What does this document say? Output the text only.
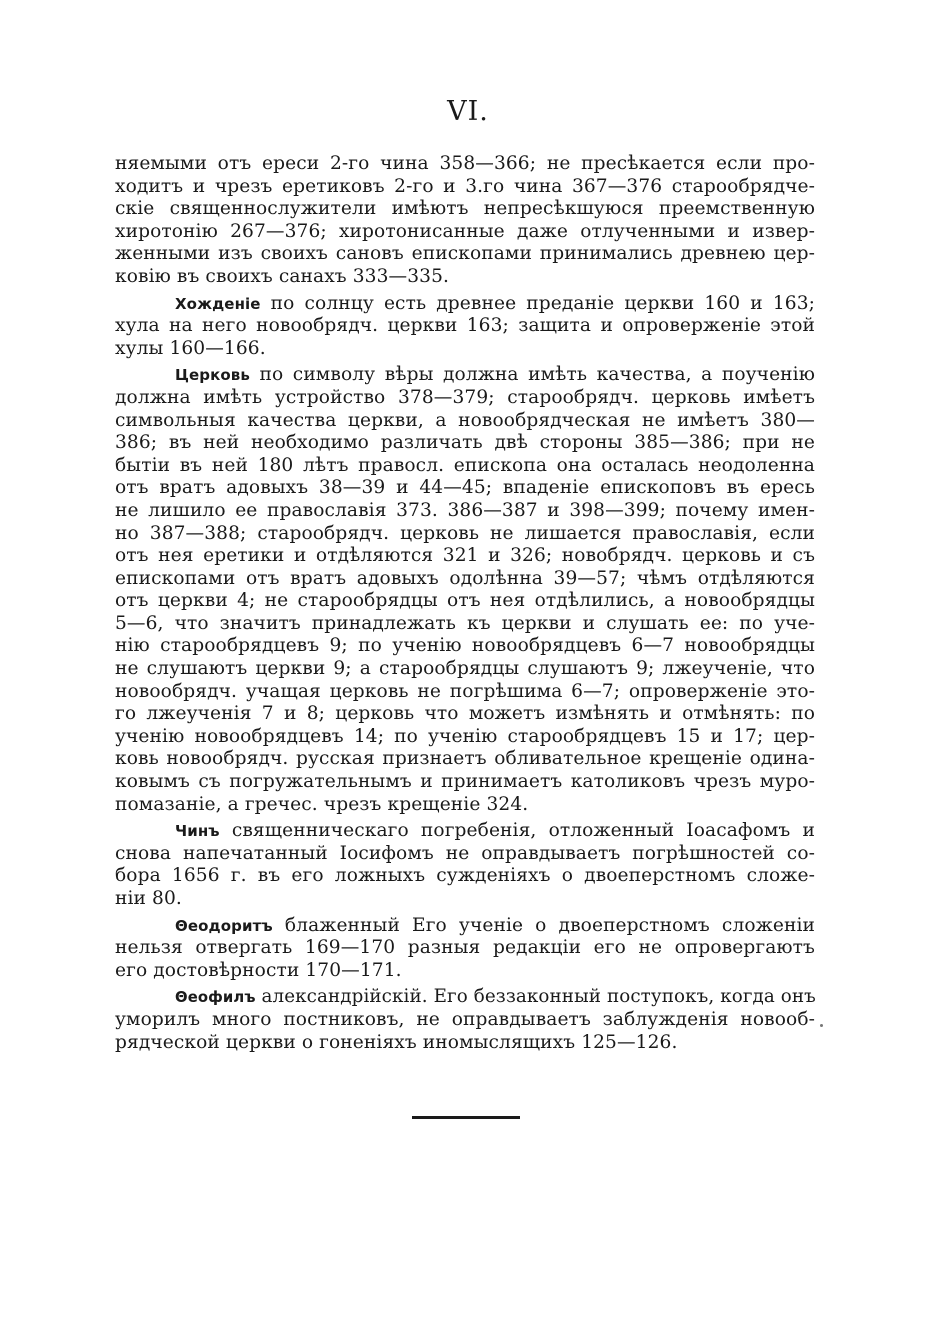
VI.
няемыми отъ ереси 2-го чина 358—366; не пресѣкается если про-
ходитъ и чрезъ еретиковъ 2-го и 3.го чина 367—376 старообрядче-
скіе священнослужители имѣютъ непресѣкшуюся преемственную
хиротонію 267—376; хиротонисанные даже отлученными и извер-
женными изъ своихъ сановъ епископами принимались древнею цер-
ковію въ своихъ санахъ 333—335.
Хожденіе по солнцу есть древнее преданіе церкви 160 и 163;
хула на него новообрядч. церкви 163; защита и опроверженіе этой
хулы 160—166.
Церковь по символу вѣры должна имѣть качества, а поученію
должна имѣть устройство 378—379; старообрядч. церковь имѣетъ
символьныя качества церкви, а новообрядческая не имѣетъ 380—
386; въ ней необходимо различать двѣ стороны 385—386; при не
бытіи въ ней 180 лѣтъ правосл. епископа она осталась неодоленна
отъ вратъ адовыхъ 38—39 и 44—45; впаденіе епископовъ въ ересь
не лишило ее православія 373. 386—387 и 398—399; почему имен-
но 387—388; старообрядч. церковь не лишается православія, если
отъ нея еретики и отдѣляются 321 и 326; новобрядч. церковь и съ
епископами отъ вратъ адовыхъ одолѣнна 39—57; чѣмъ отдѣляются
отъ церкви 4; не старообрядцы отъ нея отдѣлились, а новообрядцы
5—6, что значитъ принадлежать къ церкви и слушать ее: по уче-
нію старообрядцевъ 9; по ученію новообрядцевъ 6—7 новообрядцы
не слушаютъ церкви 9; а старообрядцы слушаютъ 9; лжеученіе, что
новообрядч. учащая церковь не погрѣшима 6—7; опроверженіе это-
го лжеученія 7 и 8; церковь что можетъ измѣнять и отмѣнять: по
ученію новообрядцевъ 14; по ученію старообрядцевъ 15 и 17; цер-
ковь новообрядч. русская признаетъ обливательное крещеніе одина-
ковымъ съ погружательнымъ и принимаетъ католиковъ чрезъ муро-
помазаніе, а гречес. чрезъ крещеніе 324.
Чинъ священническаго погребенія, отложенный Іоасафомъ и
снова напечатанный Іосифомъ не оправдываетъ погрѣшностей со-
бора 1656 г. въ его ложныхъ сужденіяхъ о двоеперстномъ сложе-
ніи 80.
Θеодоритъ блаженный Его ученіе о двоеперстномъ сложеніи
нельзя отвергать 169—170 разныя редакціи его не опровергаютъ
его достовѣрности 170—171.
Θеофилъ александрійскій. Его беззаконный поступокъ, когда онъ
уморилъ много постниковъ, не оправдываетъ заблужденія новооб-
рядческой церкви о гоненіяхъ иномыслящихъ 125—126.
